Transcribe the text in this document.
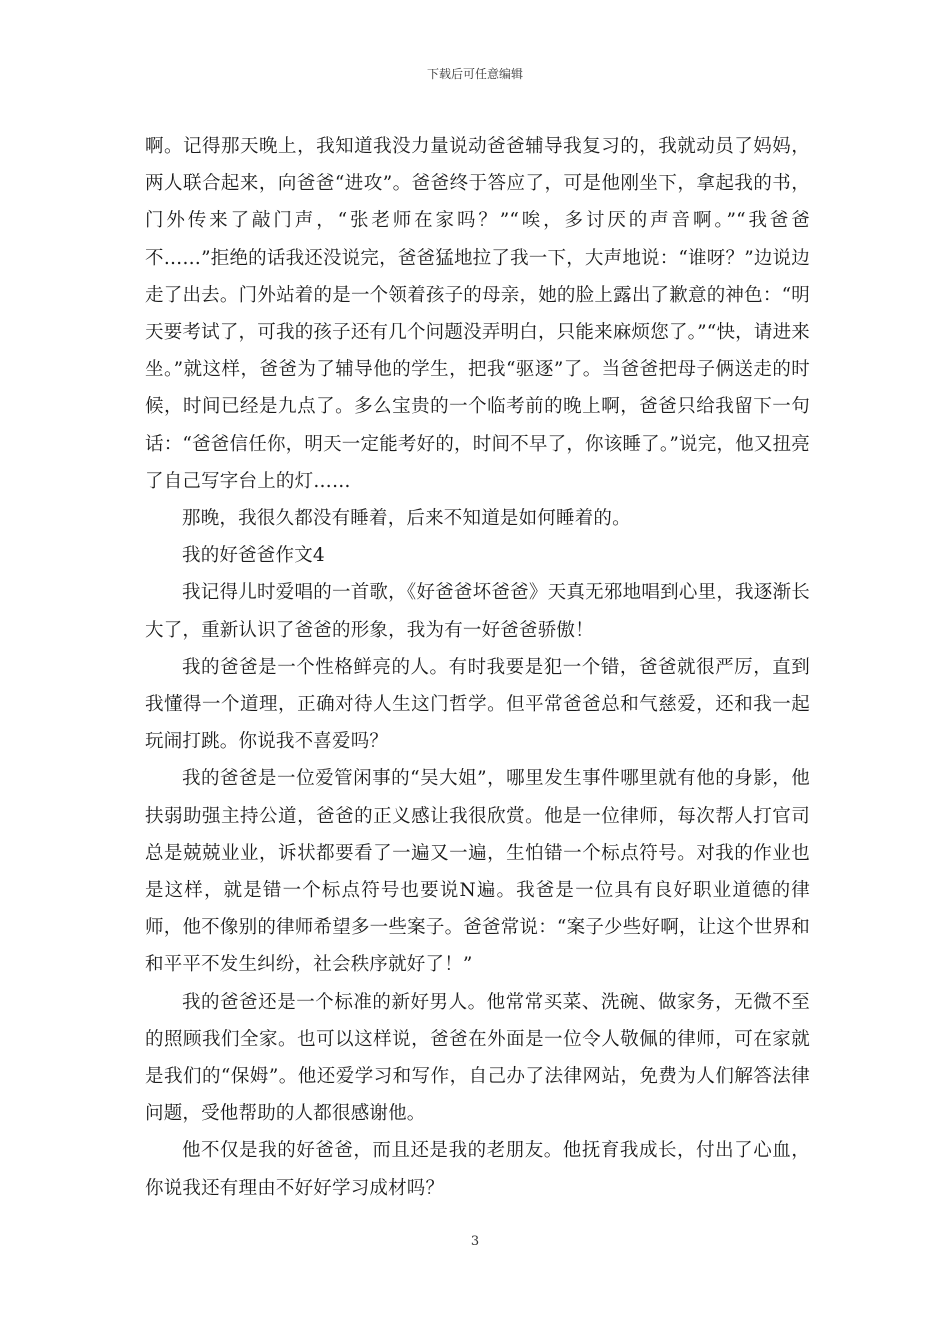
下载后可任意编辑

啊。记得那天晚上，我知道我没力量说动爸爸辅导我复习的，我就动员了妈妈，两人联合起来，向爸爸“进攻”。爸爸终于答应了，可是他刚坐下，拿起我的书，门外传来了敲门声，“张老师在家吗？”“唉，多讨厌的声音啊。”“我爸爸不……”拒绝的话我还没说完，爸爸猛地拉了我一下，大声地说：“谁呀？”边说边走了出去。门外站着的是一个领着孩子的母亲，她的脸上露出了歉意的神色：“明天要考试了，可我的孩子还有几个问题没弄明白，只能来麻烦您了。”“快，请进来坐。”就这样，爸爸为了辅导他的学生，把我“驱逐”了。当爸爸把母子俩送走的时候，时间已经是九点了。多么宝贵的一个临考前的晚上啊，爸爸只给我留下一句话：“爸爸信任你，明天一定能考好的，时间不早了，你该睡了。”说完，他又扭亮了自己写字台上的灯……

那晚，我很久都没有睡着，后来不知道是如何睡着的。

我的好爸爸作文4

我记得儿时爱唱的一首歌，《好爸爸坏爸爸》天真无邪地唱到心里，我逐渐长大了，重新认识了爸爸的形象，我为有一好爸爸骄傲！

我的爸爸是一个性格鲜亮的人。有时我要是犯一个错，爸爸就很严厉，直到我懂得一个道理，正确对待人生这门哲学。但平常爸爸总和气慈爱，还和我一起玩闹打跳。你说我不喜爱吗？

我的爸爸是一位爱管闲事的“吴大姐”，哪里发生事件哪里就有他的身影，他扶弱助强主持公道，爸爸的正义感让我很欣赏。他是一位律师，每次帮人打官司总是兢兢业业，诉状都要看了一遍又一遍，生怕错一个标点符号。对我的作业也是这样，就是错一个标点符号也要说N遍。我爸是一位具有良好职业道德的律师，他不像别的律师希望多一些案子。爸爸常说：“案子少些好啊，让这个世界和和平平不发生纠纷，社会秩序就好了！”

我的爸爸还是一个标准的新好男人。他常常买菜、洗碗、做家务，无微不至的照顾我们全家。也可以这样说，爸爸在外面是一位令人敬佩的律师，可在家就是我们的“保姆”。他还爱学习和写作，自己办了法律网站，免费为人们解答法律问题，受他帮助的人都很感谢他。

他不仅是我的好爸爸，而且还是我的老朋友。他抚育我成长，付出了心血，你说我还有理由不好好学习成材吗？

3
